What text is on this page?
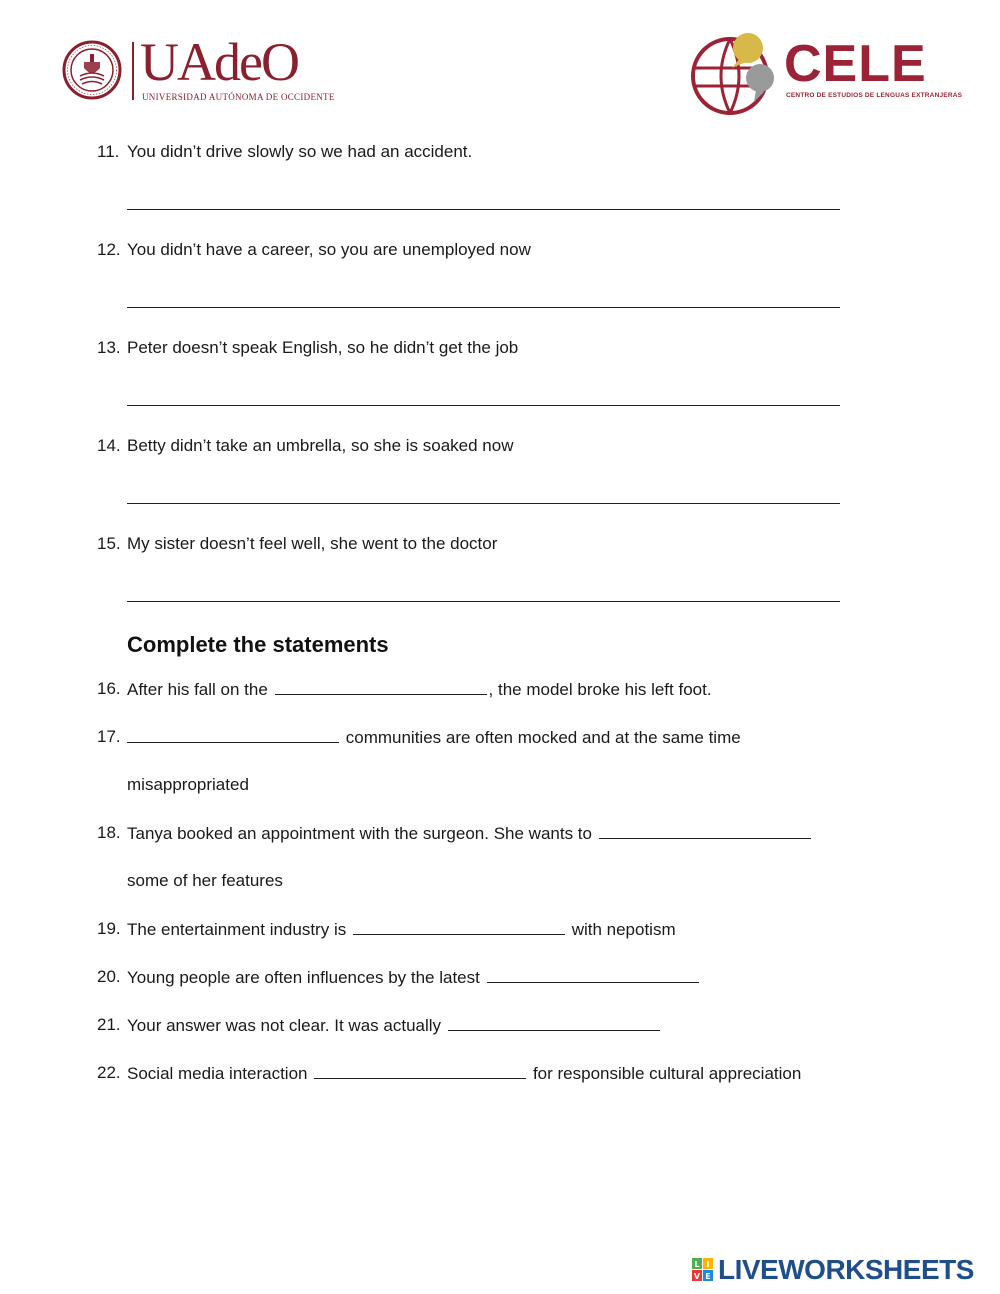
UAdeO
UNIVERSIDAD AUTÓNOMA DE OCCIDENTE
CELE
CENTRO DE ESTUDIOS DE LENGUAS EXTRANJERAS
11. You didn’t drive slowly so we had an accident.
12. You didn’t have a career, so you are unemployed now
13. Peter doesn’t speak English, so he didn’t get the job
14. Betty didn’t take an umbrella, so she is soaked now
15. My sister doesn’t feel well, she went to the doctor
Complete the statements
16. After his fall on the	, the model broke his left foot.
17.	communities are often mocked and at the same time
misappropriated
18. Tanya booked an appointment with the surgeon. She wants to
some of her features
19. The entertainment industry is	with nepotism
20. Young people are often influences by the latest
21. Your answer was not clear. It was actually
22. Social media interaction	for responsible cultural appreciation
L I
V E LIVEWORKSHEETS
